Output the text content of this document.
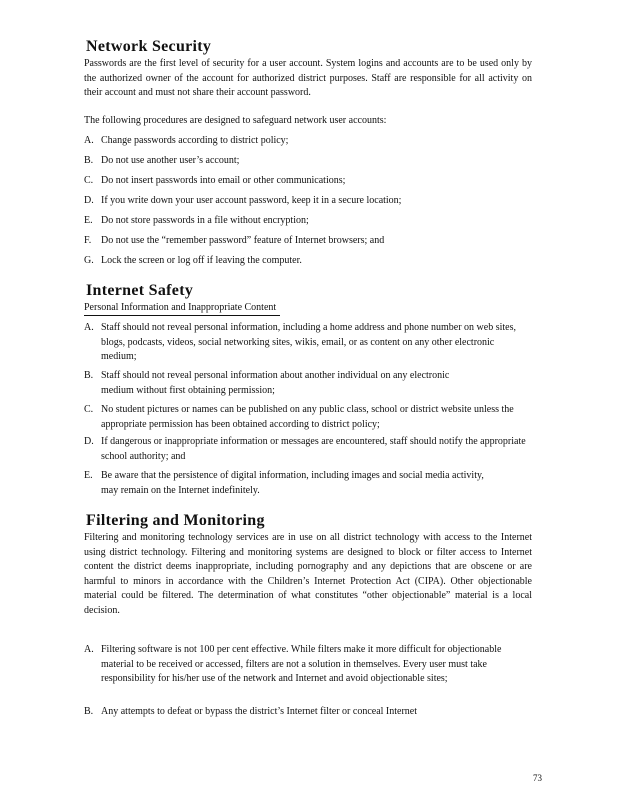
Network Security
Passwords are the first level of security for a user account. System logins and accounts are to be used only by the authorized owner of the account for authorized district purposes. Staff are responsible for all activity on their account and must not share their account password.
The following procedures are designed to safeguard network user accounts:
A. Change passwords according to district policy;
B. Do not use another user’s account;
C. Do not insert passwords into email or other communications;
D. If you write down your user account password, keep it in a secure location;
E. Do not store passwords in a file without encryption;
F. Do not use the “remember password” feature of Internet browsers; and
G. Lock the screen or log off if leaving the computer.
Internet Safety
Personal Information and Inappropriate Content
A. Staff should not reveal personal information, including a home address and phone number on web sites, blogs, podcasts, videos, social networking sites, wikis, email, or as content on any other electronic medium;
B. Staff should not reveal personal information about another individual on any electronic medium without first obtaining permission;
C. No student pictures or names can be published on any public class, school or district website unless the appropriate permission has been obtained according to district policy;
D. If dangerous or inappropriate information or messages are encountered, staff should notify the appropriate school authority; and
E. Be aware that the persistence of digital information, including images and social media activity, may remain on the Internet indefinitely.
Filtering and Monitoring
Filtering and monitoring technology services are in use on all district technology with access to the Internet using district technology. Filtering and monitoring systems are designed to block or filter access to Internet content the district deems inappropriate, including pornography and any depictions that are obscene or are harmful to minors in accordance with the Children’s Internet Protection Act (CIPA). Other objectionable material could be filtered. The determination of what constitutes “other objectionable” material is a local decision.
A. Filtering software is not 100 per cent effective. While filters make it more difficult for objectionable material to be received or accessed, filters are not a solution in themselves. Every user must take responsibility for his/her use of the network and Internet and avoid objectionable sites;
B. Any attempts to defeat or bypass the district’s Internet filter or conceal Internet
73
